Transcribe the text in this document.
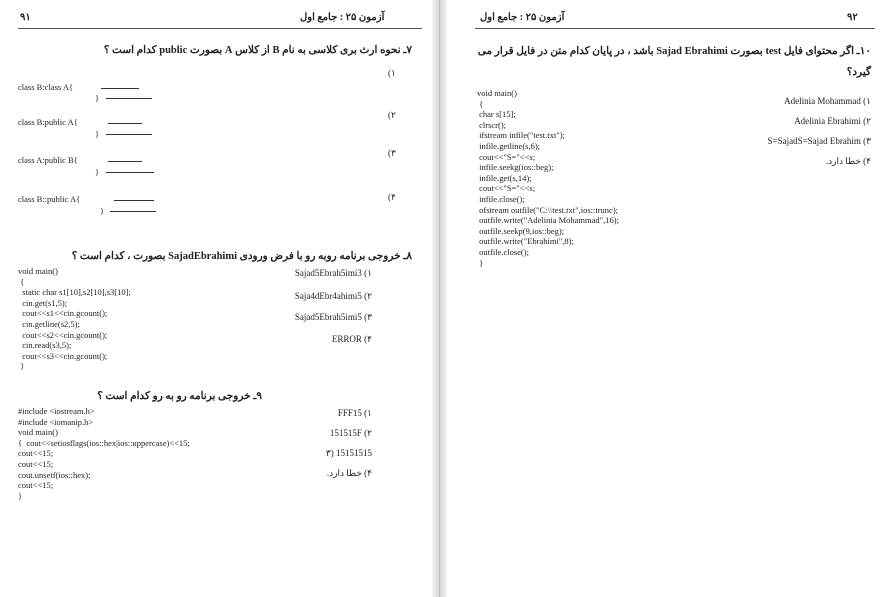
آزمون ۲۵ : جامع اول
۹۱
۷ـ نحوه ارث بری کلاسی به نام B از کلاس A بصورت public کدام است ؟
۱)
class B:class A{
}
۲)
class B:public A{
}
۳)
class A:public B{
}
۴)
class B::public A{
}
۸ـ خروجی برنامه روبه رو با فرض ورودی SajadEbrahimi بصورت ، کدام است ؟
void main()
{
static char s1[10],s2[10],s3[10];
cin.get(s1,5);
cout<<s1<<cin.gcount();
cin.getline(s2,5);
cout<<s2<<cin.gcount();
cin.read(s3,5);
cout<<s3<<cin.gcount();
}
Sajad5Ebrah5imi3 (۱
Saja4dEbr4ahimi5 (۲
Sajad5Ebrah5imi5 (۳
ERROR (۴
۹ـ خروجی برنامه رو به رو کدام است ؟
#include <iostream.h>
#include <iomanip.h>
void main()
{  cout<<setiosflags(ios::hex|ios::uppercase)<<15;
cout<<15;
cout<<15;
cout.unsetf(ios::hex);
cout<<15;
}
FFF15 (۱
151515F (۲
15151515 (۳
۴) خطا دارد.
آزمون ۲۵ : جامع اول	۹۲
۱۰ـ اگر محتوای فایل test بصورت Sajad Ebrahimi باشد ، در پایان کدام متن در فایل قرار می
گیرد؟
void main()
{
char s[15];
clrscr();
ifstream infile("test.txt");
infile.getline(s,6);
cout<<"S="<<s;
infile.seekg(ios::beg);
infile.get(s,14);
cout<<"S="<<s;
infile.close();
ofstream outfile("C:\\test.txt",ios::trunc);
outfile.write("Adelinia Mohammad",16);
outfile.seekp(9,ios::beg);
outfile.write("Ebrahimi",8);
outfile.close();
}
Adelinia Mohammad (۱
Adelinia Ebrahimi (۲
S=SajadS=Sajad Ebrahim (۳
۴) خطا دارد.
